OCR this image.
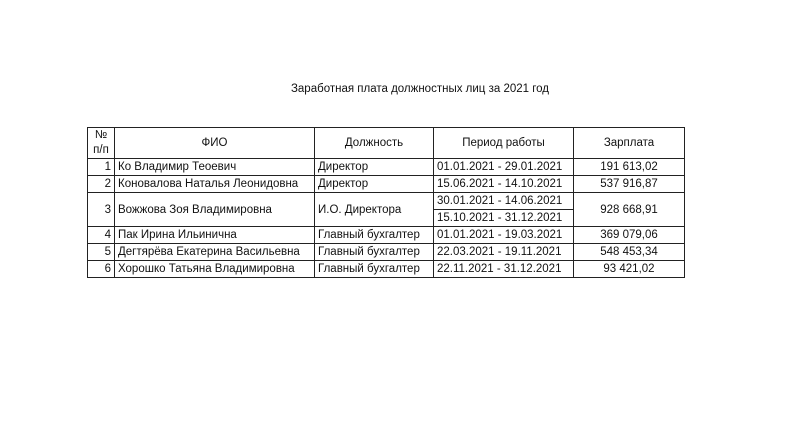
Заработная плата должностных лиц за 2021 год
№ п/п	ФИО	Должность	Период работы	Зарплата
1	Ко Владимир Теоевич	Директор	01.01.2021 - 29.01.2021	191 613,02
2	Коновалова Наталья Леонидовна	Директор	15.06.2021 - 14.10.2021	537 916,87
3	Вожжова Зоя Владимировна	И.О. Директора	30.01.2021 - 14.06.2021	928 668,91
			15.10.2021 - 31.12.2021	
4	Пак Ирина Ильинична	Главный бухгалтер	01.01.2021 - 19.03.2021	369 079,06
5	Дегтярёва Екатерина Васильевна	Главный бухгалтер	22.03.2021 - 19.11.2021	548 453,34
6	Хорошко Татьяна Владимировна	Главный бухгалтер	22.11.2021 - 31.12.2021	93 421,02
